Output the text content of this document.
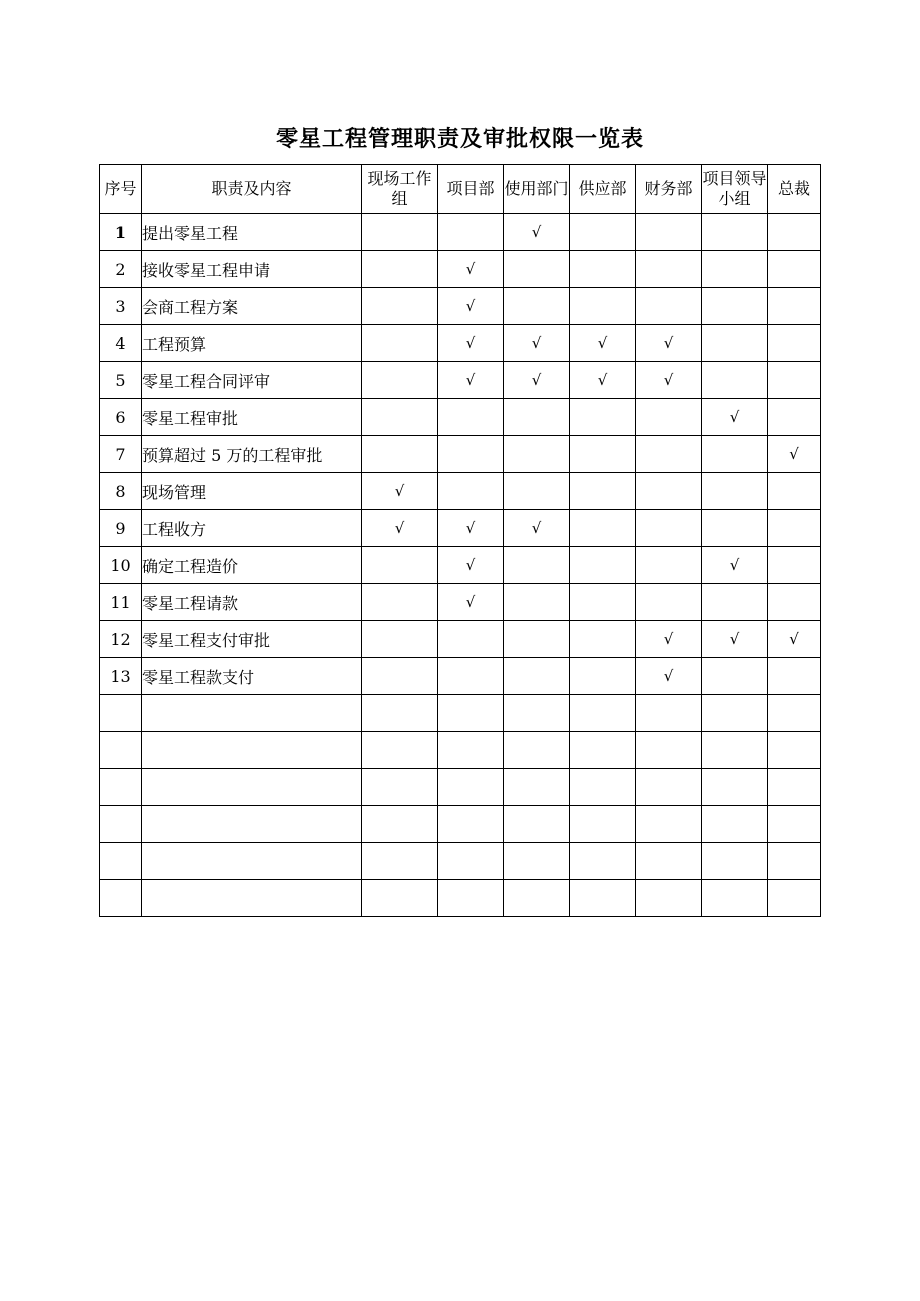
零星工程管理职责及审批权限一览表
序号	职责及内容	现场工作组	项目部	使用部门	供应部	财务部	项目领导小组	总裁
1	提出零星工程			√				
2	接收零星工程申请		√					
3	会商工程方案		√					
4	工程预算		√	√	√	√		
5	零星工程合同评审		√	√	√	√		
6	零星工程审批						√	
7	预算超过 5 万的工程审批							√
8	现场管理	√						
9	工程收方	√	√	√				
10	确定工程造价		√				√	
11	零星工程请款		√					
12	零星工程支付审批					√	√	√
13	零星工程款支付					√		
